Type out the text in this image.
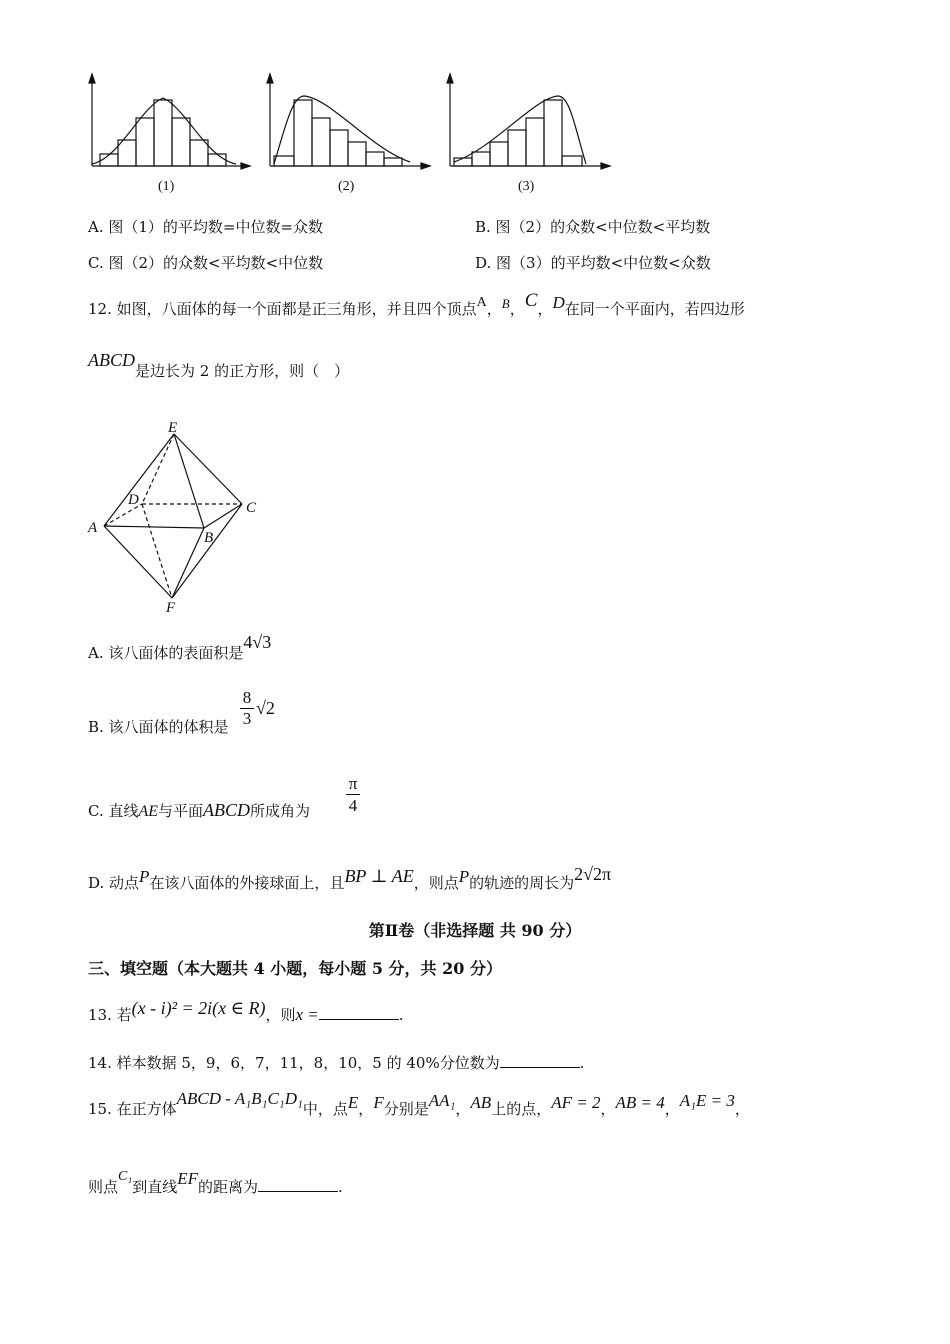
(1)	(2)	(3)
A. 图（1）的平均数=中位数=众数	B. 图（2）的众数<中位数<平均数
C. 图（2）的众数<平均数<中位数	D. 图（3）的平均数<中位数<众数
12. 如图，八面体的每一个面都是正三角形，并且四个顶点A，B，C，D在同一个平面内，若四边形
ABCD是边长为 2 的正方形，则（　）
E
D	C
A
B
F
A. 该八面体的表面积是4√3
B. 该八面体的体积是 $\frac{8}{3} √2$
C. 直线AE与平面ABCD所成角为 $\frac{\pi}{4}$
D. 动点P在该八面体的外接球面上，且BP ⊥ AE，则点P的轨迹的周长为2√2π
第Ⅱ卷（非选择题 共 90 分）
三、填空题（本大题共 4 小题，每小题 5 分，共 20 分）
13. 若(x - i)² = 2i(x ∈ R)，则x =	.
14. 样本数据 5，9，6，7，11，8，10，5 的 40%分位数为	.
15. 在正方体ABCD - A₁B₁C₁D₁中，点E，F分别是AA₁，AB上的点，AF = 2，AB = 4，A₁E = 3，
则点C₁到直线EF的距离为	.
